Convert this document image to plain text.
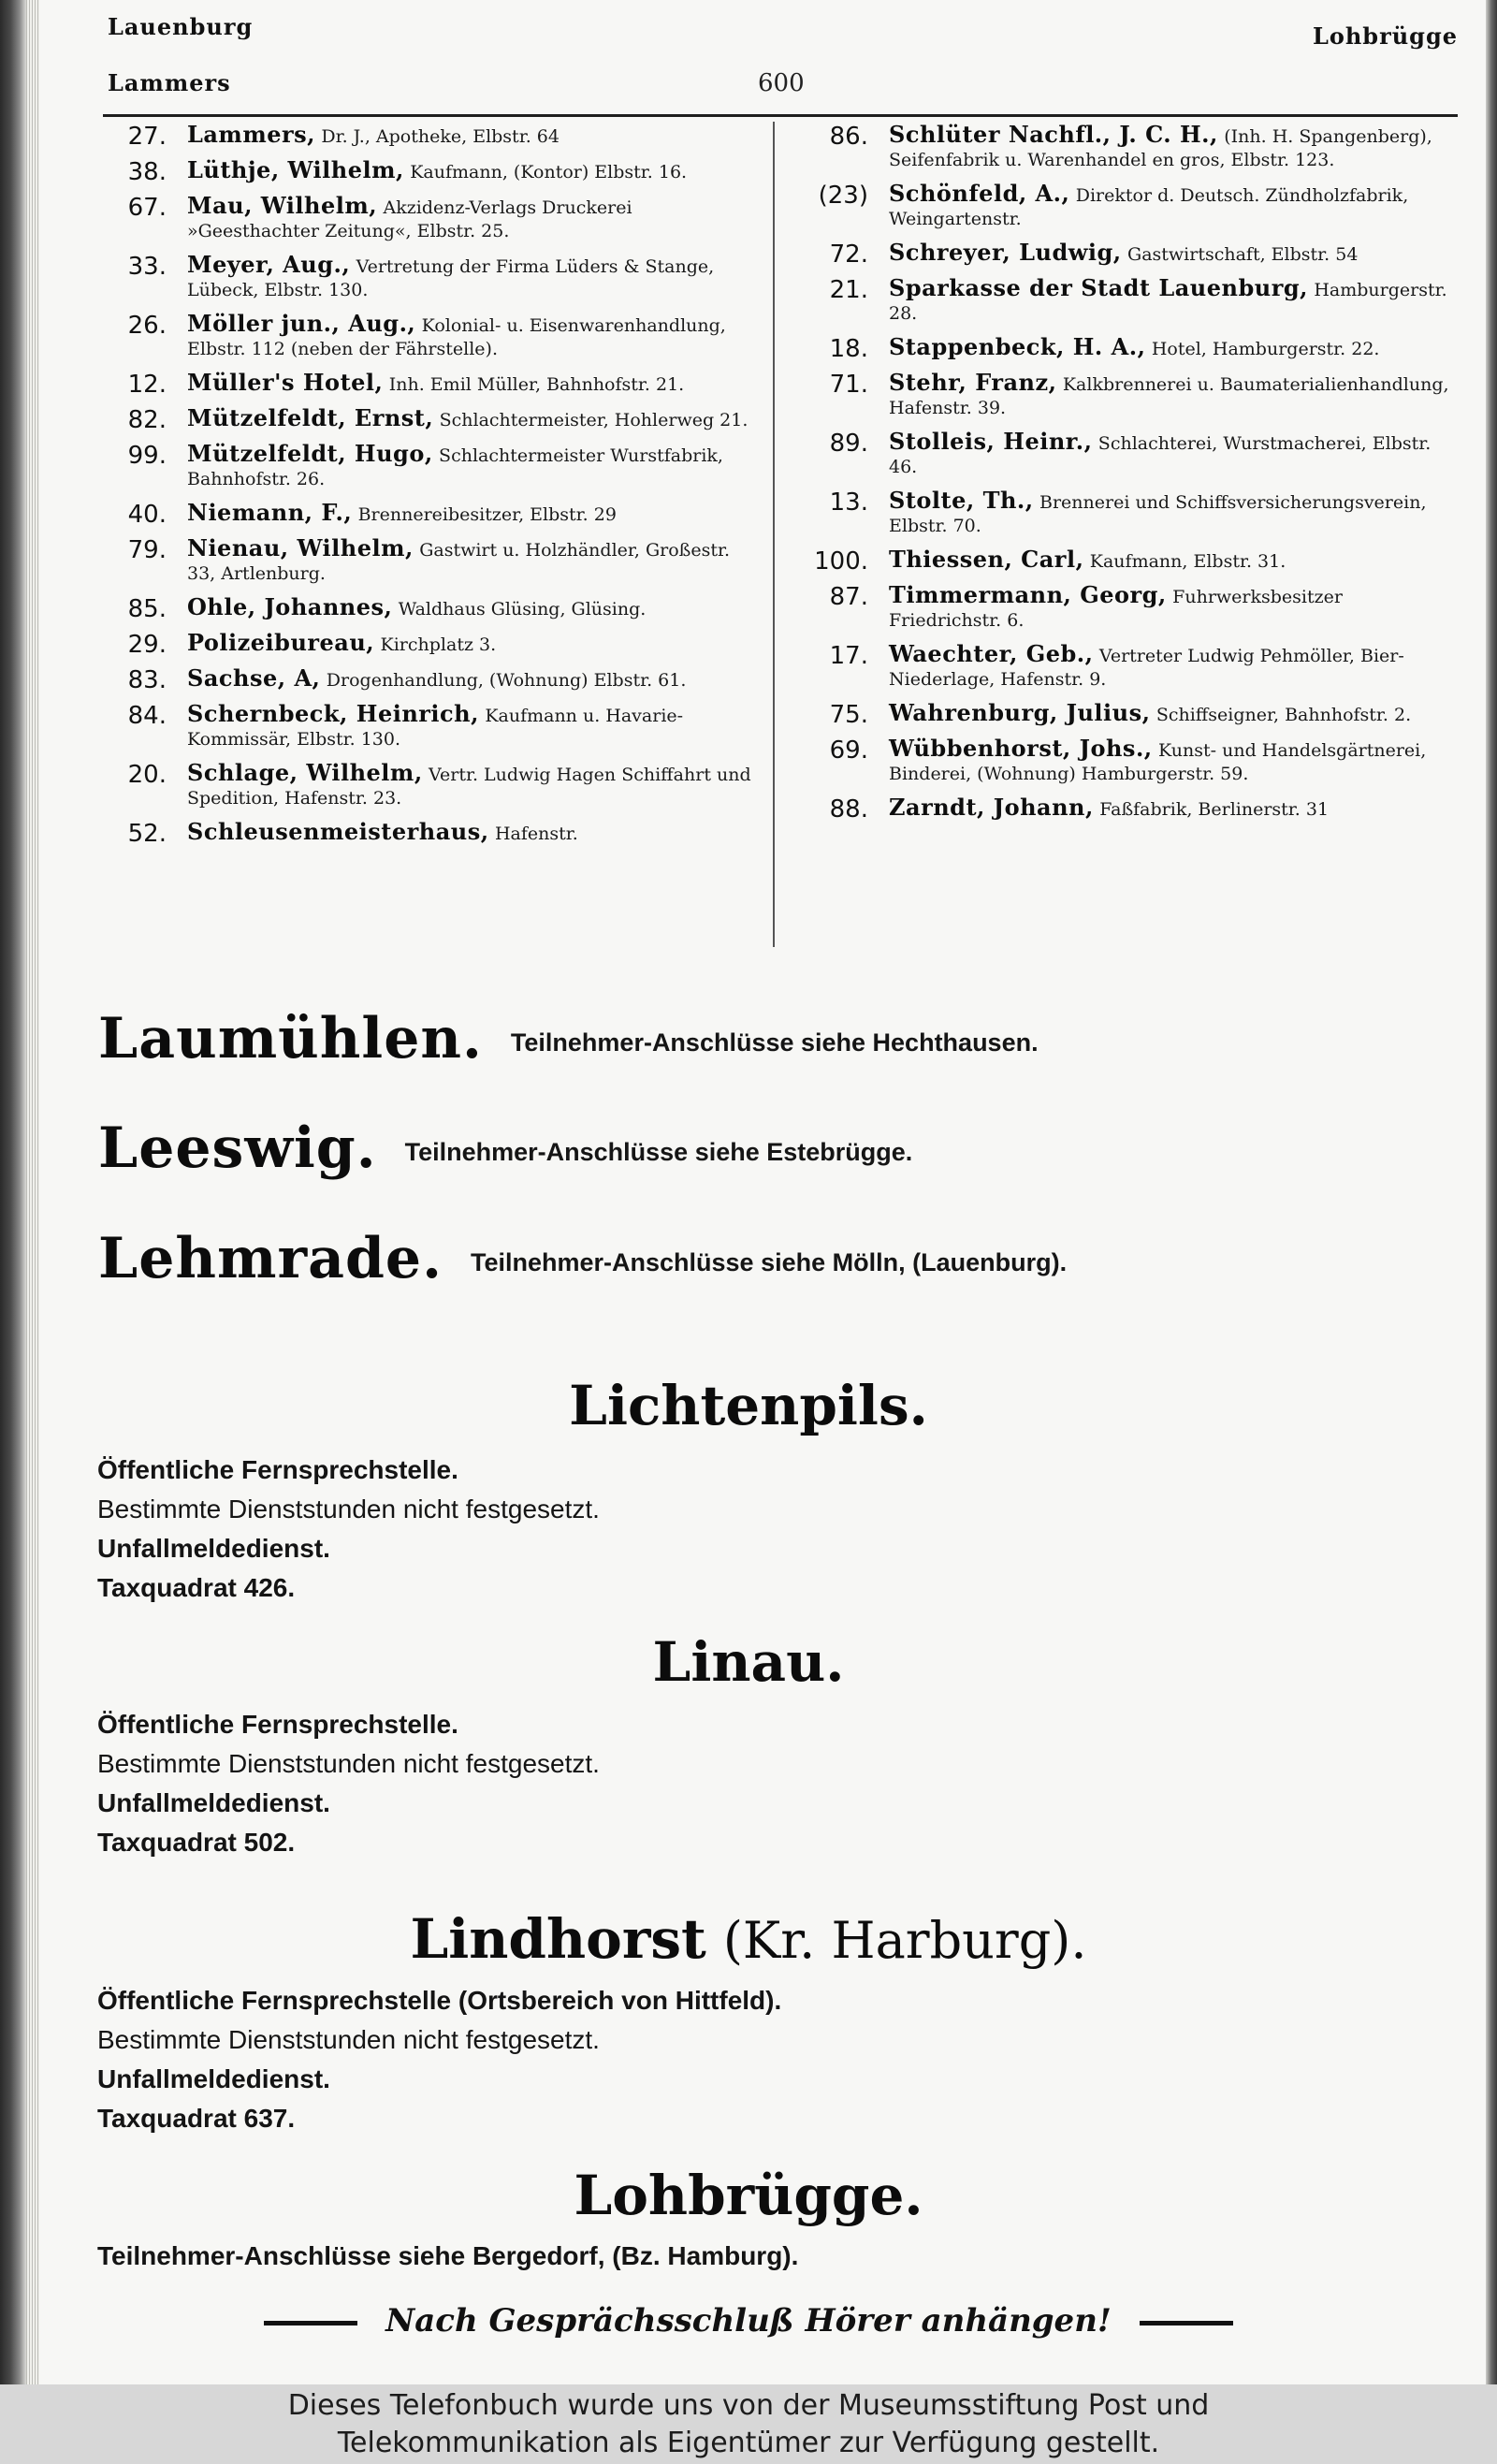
Lauenburg
Lammers
Lohbrügge
600
27. Lammers, Dr. J., Apotheke, Elbstr. 64
38. Lüthje, Wilhelm, Kaufmann, (Kontor) Elbstr. 16.
67. Mau, Wilhelm, Akzidenz-Verlags Druckerei »Geesthachter Zeitung«, Elbstr. 25.
33. Meyer, Aug., Vertretung der Firma Lüders & Stange, Lübeck, Elbstr. 130.
26. Möller jun., Aug., Kolonial- u. Eisenwarenhandlung, Elbstr. 112 (neben der Fährstelle).
12. Müller's Hotel, Inh. Emil Müller, Bahnhofstr. 21.
82. Mützelfeldt, Ernst, Schlachtermeister, Hohlerweg 21.
99. Mützelfeldt, Hugo, Schlachtermeister Wurstfabrik, Bahnhofstr. 26.
40. Niemann, F., Brennereibesitzer, Elbstr. 29
79. Nienau, Wilhelm, Gastwirt u. Holzhändler, Großestr. 33, Artlenburg.
85. Ohle, Johannes, Waldhaus Glüsing, Glüsing.
29. Polizeibureau, Kirchplatz 3.
83. Sachse, A, Drogenhandlung, (Wohnung) Elbstr. 61.
84. Schernbeck, Heinrich, Kaufmann u. Havarie-Kommissär, Elbstr. 130.
20. Schlage, Wilhelm, Vertr. Ludwig Hagen Schiffahrt und Spedition, Hafenstr. 23.
52. Schleusenmeisterhaus, Hafenstr.
86. Schlüter Nachfl., J. C. H., (Inh. H. Spangenberg), Seifenfabrik u. Warenhandel en gros, Elbstr. 123.
(23) Schönfeld, A., Direktor d. Deutsch. Zündholzfabrik, Weingartenstr.
72. Schreyer, Ludwig, Gastwirtschaft, Elbstr. 54
21. Sparkasse der Stadt Lauenburg, Hamburgerstr. 28.
18. Stappenbeck, H. A., Hotel, Hamburgerstr. 22.
71. Stehr, Franz, Kalkbrennerei u. Baumaterialienhandlung, Hafenstr. 39.
89. Stolleis, Heinr., Schlachterei, Wurstmacherei, Elbstr. 46.
13. Stolte, Th., Brennerei und Schiffsversicherungsverein, Elbstr. 70.
100. Thiessen, Carl, Kaufmann, Elbstr. 31.
87. Timmermann, Georg, Fuhrwerksbesitzer Friedrichstr. 6.
17. Waechter, Geb., Vertreter Ludwig Pehmöller, Bier-Niederlage, Hafenstr. 9.
75. Wahrenburg, Julius, Schiffseigner, Bahnhofstr. 2.
69. Wübbenhorst, Johs., Kunst- und Handelsgärtnerei, Binderei, (Wohnung) Hamburgerstr. 59.
88. Zarndt, Johann, Faßfabrik, Berlinerstr. 31
Laumühlen. Teilnehmer-Anschlüsse siehe Hechthausen.
Leeswig. Teilnehmer-Anschlüsse siehe Estebrügge.
Lehmrade. Teilnehmer-Anschlüsse siehe Mölln, (Lauenburg).
Lichtenpils.
Öffentliche Fernsprechstelle.
Bestimmte Dienststunden nicht festgesetzt.
Unfallmeldedienst.
Taxquadrat 426.
Linau.
Öffentliche Fernsprechstelle.
Bestimmte Dienststunden nicht festgesetzt.
Unfallmeldedienst.
Taxquadrat 502.
Lindhorst (Kr. Harburg).
Öffentliche Fernsprechstelle (Ortsbereich von Hittfeld).
Bestimmte Dienststunden nicht festgesetzt.
Unfallmeldedienst.
Taxquadrat 637.
Lohbrügge.
Teilnehmer-Anschlüsse siehe Bergedorf, (Bz. Hamburg).
Nach Gesprächsschluß Hörer anhängen!
Dieses Telefonbuch wurde uns von der Museumsstiftung Post und
Telekommunikation als Eigentümer zur Verfügung gestellt.
